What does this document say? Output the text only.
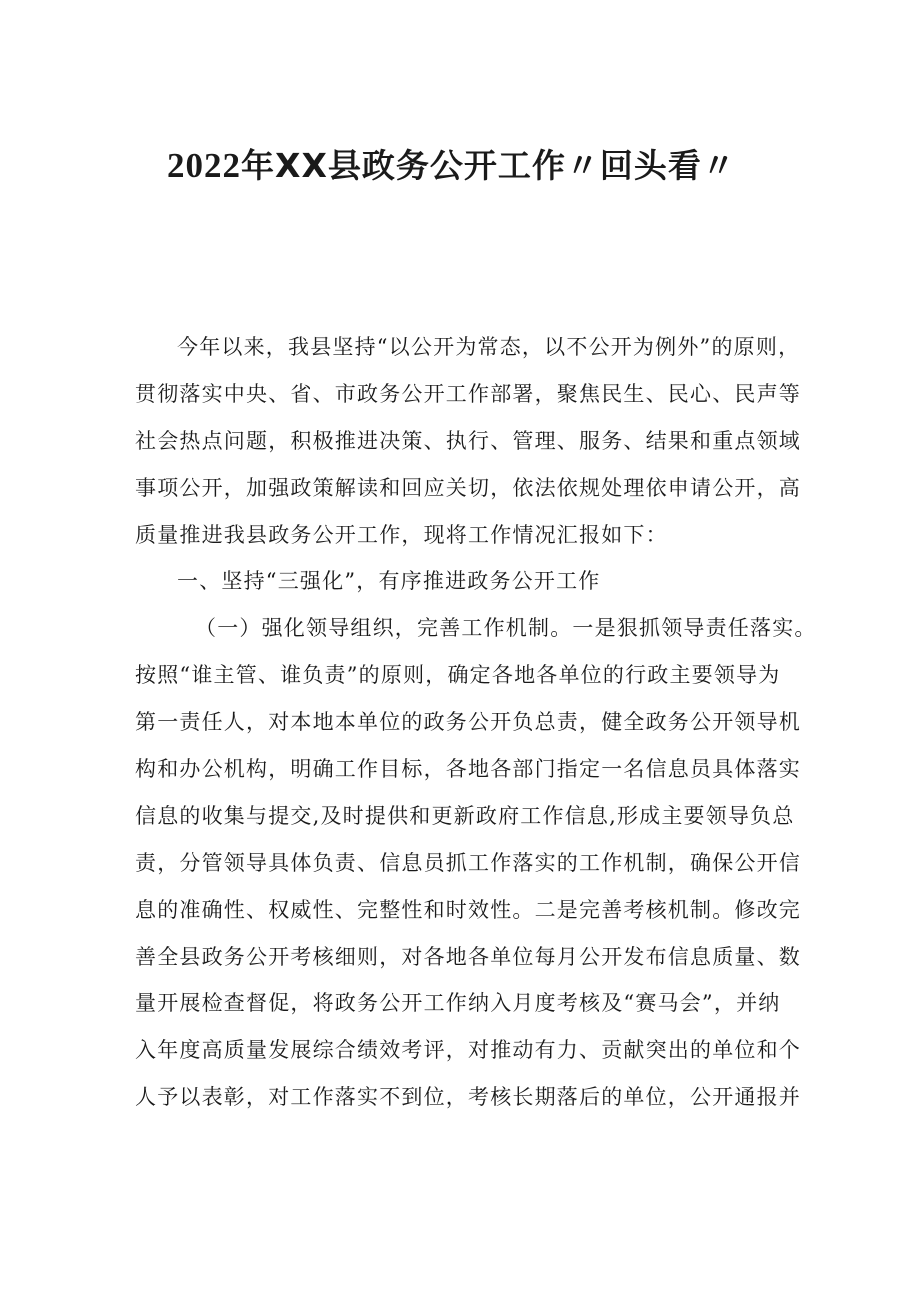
2022年XX县政务公开工作〃回头看〃
今年以来，我县坚持“以公开为常态，以不公开为例外”的原则，
贯彻落实中央、省、市政务公开工作部署，聚焦民生、民心、民声等
社会热点问题，积极推进决策、执行、管理、服务、结果和重点领域
事项公开，加强政策解读和回应关切，依法依规处理依申请公开，高
质量推进我县政务公开工作，现将工作情况汇报如下：
一、坚持“三强化”，有序推进政务公开工作
（一）强化领导组织，完善工作机制。一是狠抓领导责任落实。
按照“谁主管、谁负责”的原则，确定各地各单位的行政主要领导为
第一责任人，对本地本单位的政务公开负总责，健全政务公开领导机
构和办公机构，明确工作目标，各地各部门指定一名信息员具体落实
信息的收集与提交,及时提供和更新政府工作信息,形成主要领导负总
责，分管领导具体负责、信息员抓工作落实的工作机制，确保公开信
息的准确性、权威性、完整性和时效性。二是完善考核机制。修改完
善全县政务公开考核细则，对各地各单位每月公开发布信息质量、数
量开展检查督促，将政务公开工作纳入月度考核及“赛马会”，并纳
入年度高质量发展综合绩效考评，对推动有力、贡献突出的单位和个
人予以表彰，对工作落实不到位，考核长期落后的单位，公开通报并
